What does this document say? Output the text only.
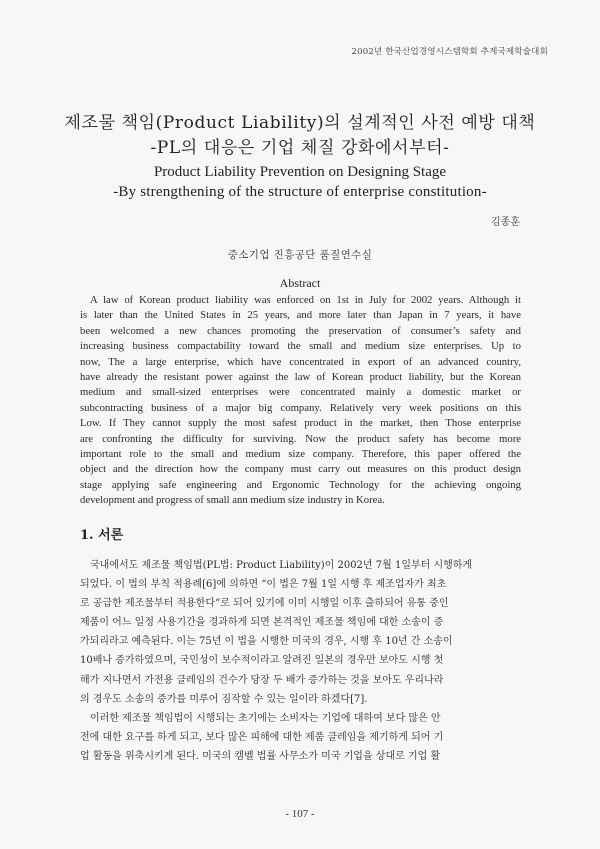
2002년 한국산업경영시스템학회 추계국제학술대회
제조물 책임(Product Liability)의 설계적인 사전 예방 대책
-PL의 대응은 기업 체질 강화에서부터-
Product Liability Prevention on Designing Stage
-By strengthening of the structure of enterprise constitution-
김종훈
중소기업 진흥공단 품질연수실
Abstract
A law of Korean product liability was enforced on 1st in July for 2002 years. Although it
is later than the United States in 25 years, and more later than Japan in 7 years, it have
been welcomed a new chances promoting the preservation of consumer’s safety and
increasing business compactability toward the small and medium size enterprises. Up to
now, The a large enterprise, which have concentrated in export of an advanced country,
have already the resistant power against the law of Korean product liability, but the Korean
medium and small-sized enterprises were concentrated mainly a domestic market or
subcontracting business of a major big company. Relatively very week positions on this
Low. If They cannot supply the most safest product in the market, then Those enterprise
are confronting the difficulty for surviving. Now the product safety has become more
important role to the small and medium size company. Therefore, this paper offered the
object and the direction how the company must carry out measures on this product design
stage applying safe engineering and Ergonomic Technology for the achieving ongoing
development and progress of small ann medium size industry in Korea.
1. 서론
국내에서도 제조물 책임법(PL법: Product Liability)이 2002년 7월 1일부터 시행하게
되었다. 이 법의 부칙 적용례[6]에 의하면 “이 법은 7월 1일 시행 후 제조업자가 최초
로 공급한 제조물부터 적용한다”로 되어 있기에 이미 시행일 이후 출하되어 유통 중인
제품이 어느 일정 사용기간을 경과하게 되면 본격적인 제조물 책임에 대한 소송이 증
가되리라고 예측된다. 이는 75년 이 법을 시행한 미국의 경우, 시행 후 10년 간 소송이
10배나 증가하였으며, 국민성이 보수적이라고 알려진 일본의 경우만 보아도 시행 첫
해가 지나면서 가전용 클레임의 건수가 당장 두 배가 증가하는 것을 보아도 우리나라
의 경우도 소송의 증가를 미루어 짐작할 수 있는 일이라 하겠다[7].
이러한 제조물 책임법이 시행되는 초기에는 소비자는 기업에 대하여 보다 많은 안
전에 대한 요구를 하게 되고, 보다 많은 피해에 대한 제품 클레임을 제기하게 되어 기
업 활동을 위축시키게 된다. 미국의 캠벨 법률 사무소가 미국 기업을 상대로 기업 활
- 107 -
